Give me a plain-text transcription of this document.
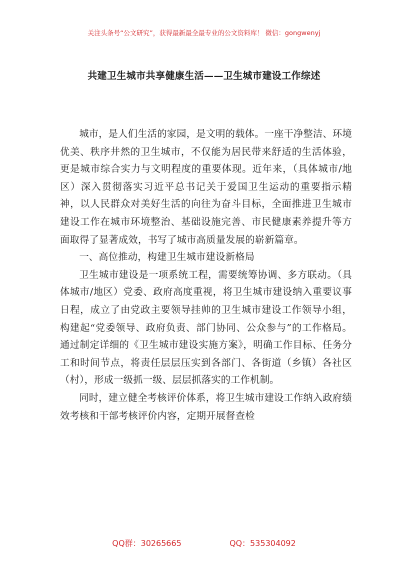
关注头条号“公文研究”，获得最新最全最专业的公文资料库！ 微信：gongwenyj
共建卫生城市共享健康生活——卫生城市建设工作综述

城市，是人们生活的家园，是文明的载体。一座干净整洁、环境优美、秩序井然的卫生城市，不仅能为居民带来舒适的生活体验，更是城市综合实力与文明程度的重要体现。近年来，（具体城市/地区）深入贯彻落实习近平总书记关于爱国卫生运动的重要指示精神，以人民群众对美好生活的向往为奋斗目标，全面推进卫生城市建设工作在城市环境整治、基础设施完善、市民健康素养提升等方面取得了显著成效，书写了城市高质量发展的崭新篇章。

一、高位推动，构建卫生城市建设新格局

卫生城市建设是一项系统工程，需要统筹协调、多方联动。（具体城市/地区）党委、政府高度重视，将卫生城市建设纳入重要议事日程，成立了由党政主要领导挂帅的卫生城市建设工作领导小组，构建起“党委领导、政府负责、部门协同、公众参与”的工作格局。通过制定详细的《卫生城市建设实施方案》，明确工作目标、任务分工和时间节点，将责任层层压实到各部门、各街道（乡镇）各社区（村），形成一级抓一级、层层抓落实的工作机制。

同时，建立健全考核评价体系，将卫生城市建设工作纳入政府绩效考核和干部考核评价内容，定期开展督查检

QQ群：30265665	QQ：535304092
